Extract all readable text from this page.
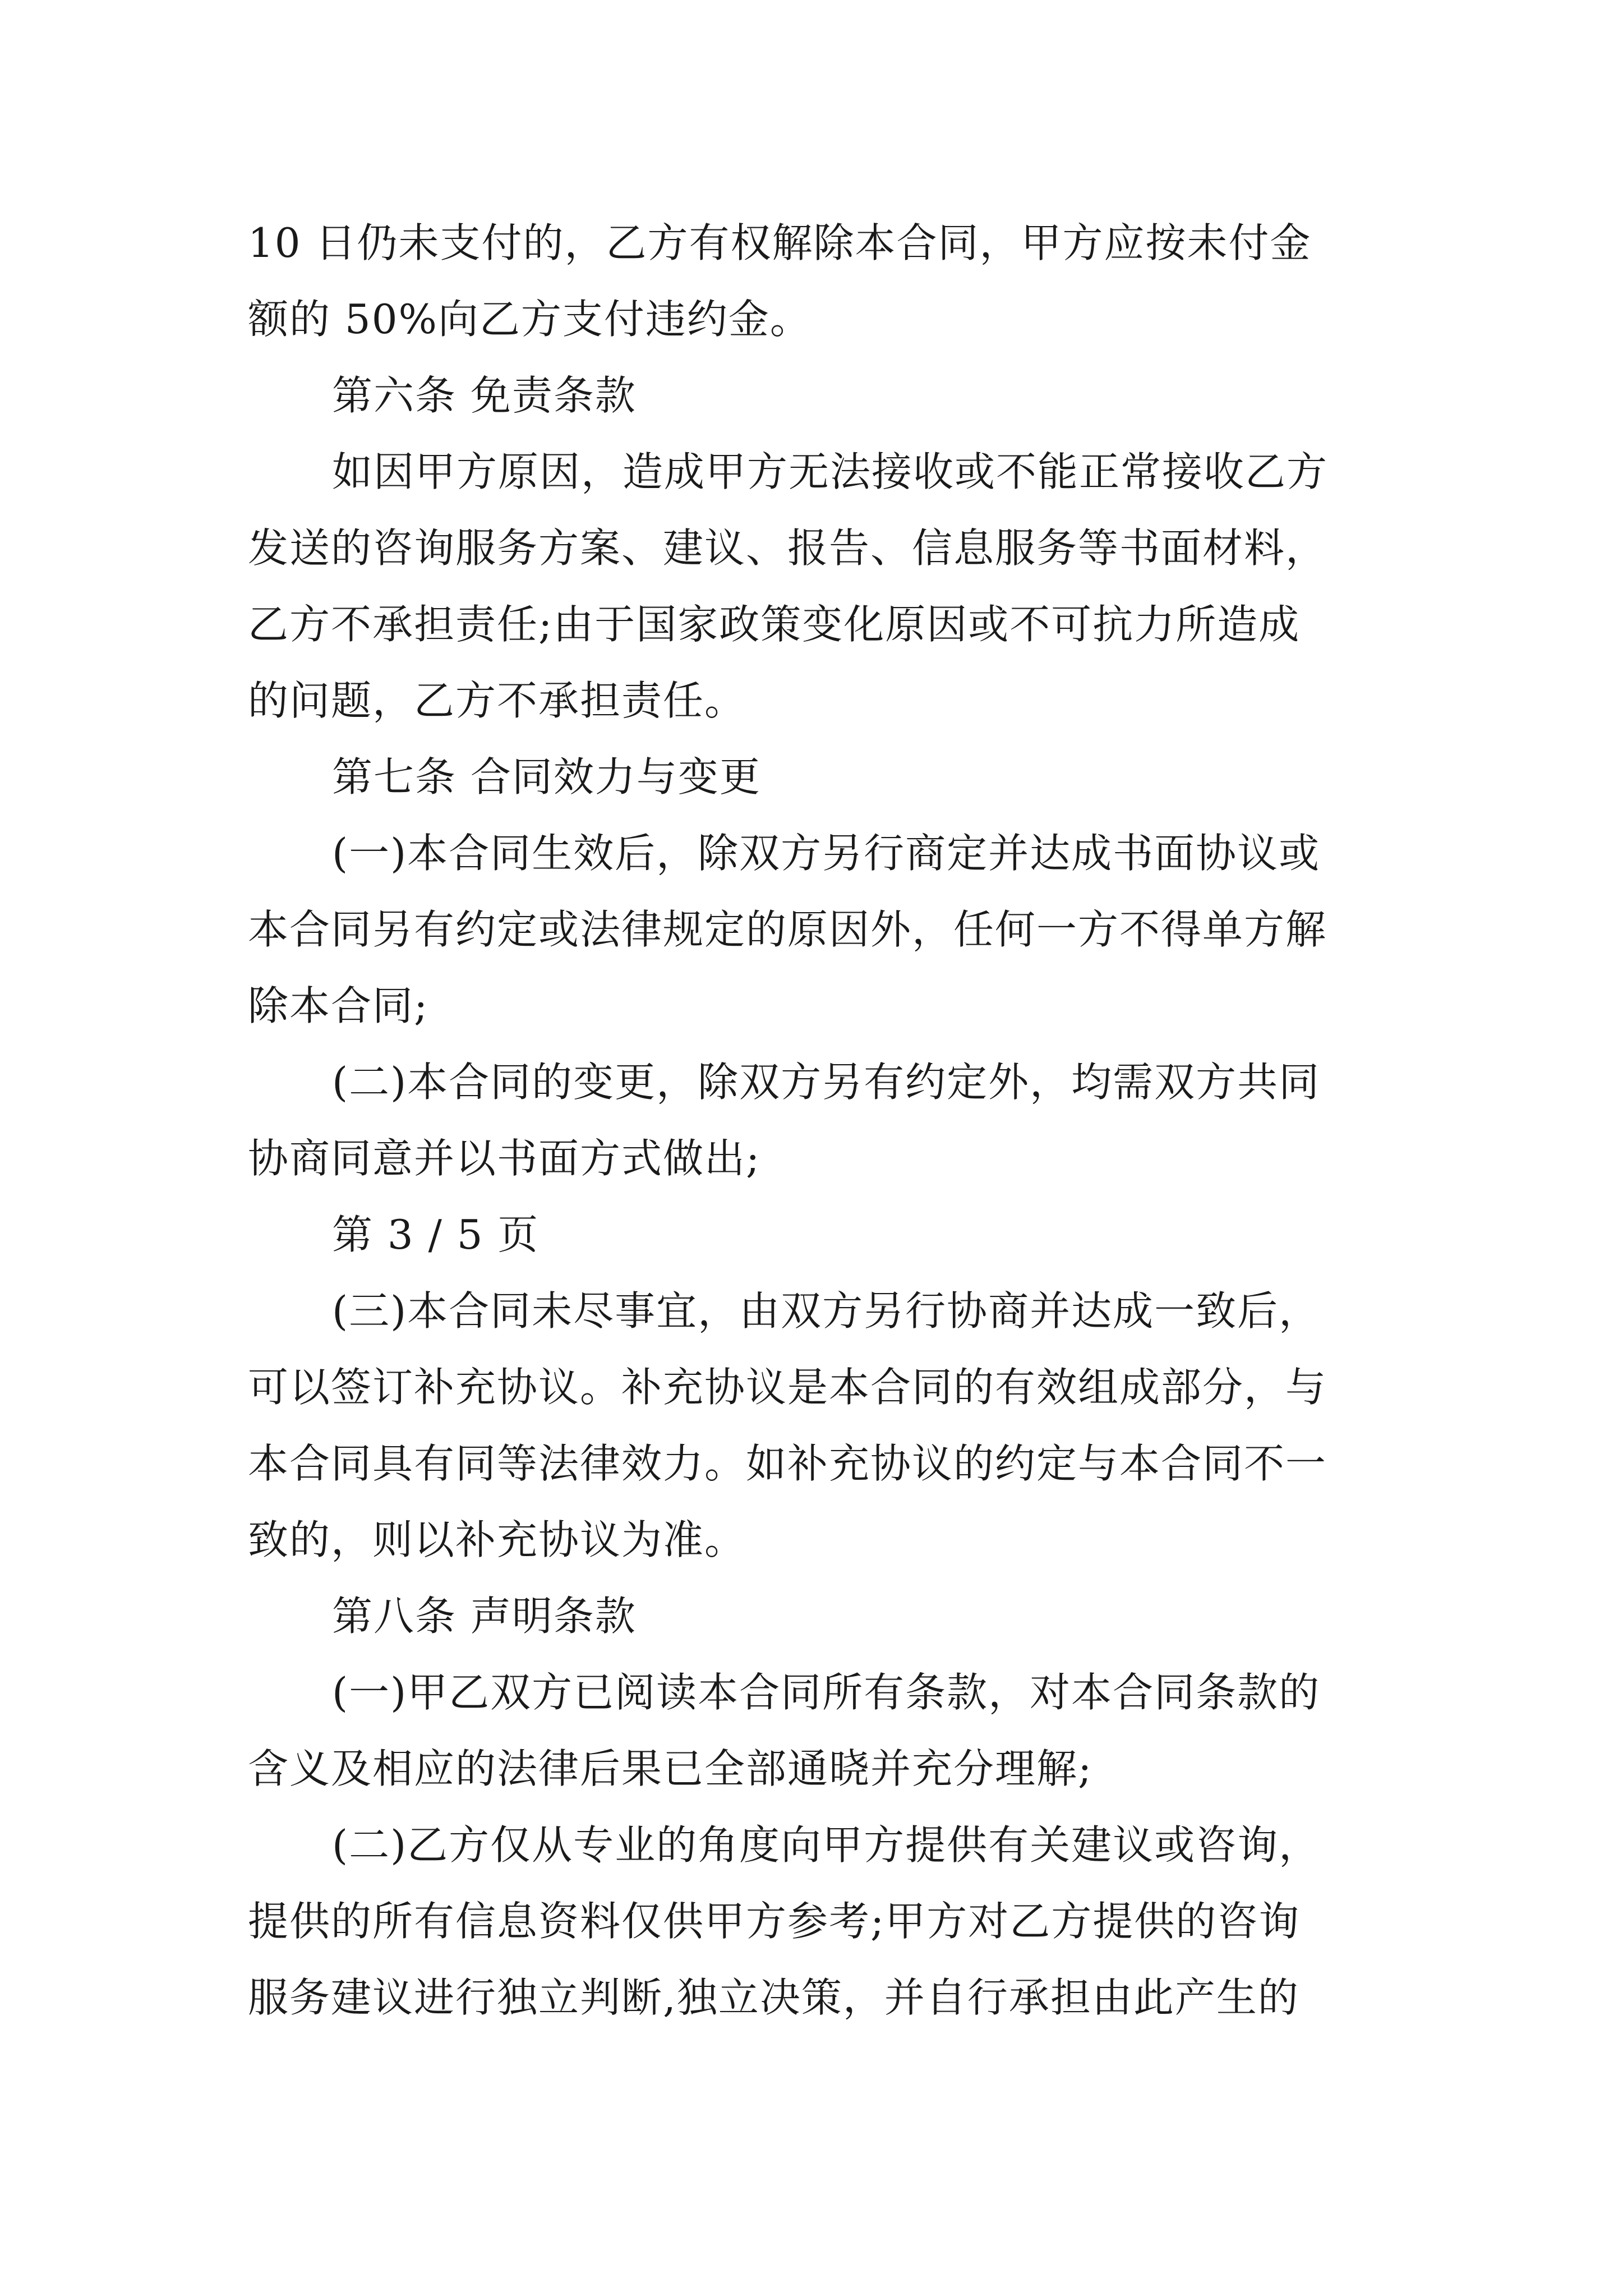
10 日仍未支付的，乙方有权解除本合同，甲方应按未付金

额的 50%向乙方支付违约金。

第六条 免责条款

如因甲方原因，造成甲方无法接收或不能正常接收乙方

发送的咨询服务方案、建议、报告、信息服务等书面材料，

乙方不承担责任;由于国家政策变化原因或不可抗力所造成

的问题，乙方不承担责任。

第七条 合同效力与变更

(一)本合同生效后，除双方另行商定并达成书面协议或

本合同另有约定或法律规定的原因外，任何一方不得单方解

除本合同;

(二)本合同的变更，除双方另有约定外，均需双方共同

协商同意并以书面方式做出;

第 3 / 5 页

(三)本合同未尽事宜，由双方另行协商并达成一致后，

可以签订补充协议。补充协议是本合同的有效组成部分，与

本合同具有同等法律效力。如补充协议的约定与本合同不一

致的，则以补充协议为准。

第八条 声明条款

(一)甲乙双方已阅读本合同所有条款，对本合同条款的

含义及相应的法律后果已全部通晓并充分理解;

(二)乙方仅从专业的角度向甲方提供有关建议或咨询，

提供的所有信息资料仅供甲方参考;甲方对乙方提供的咨询

服务建议进行独立判断,独立决策，并自行承担由此产生的
